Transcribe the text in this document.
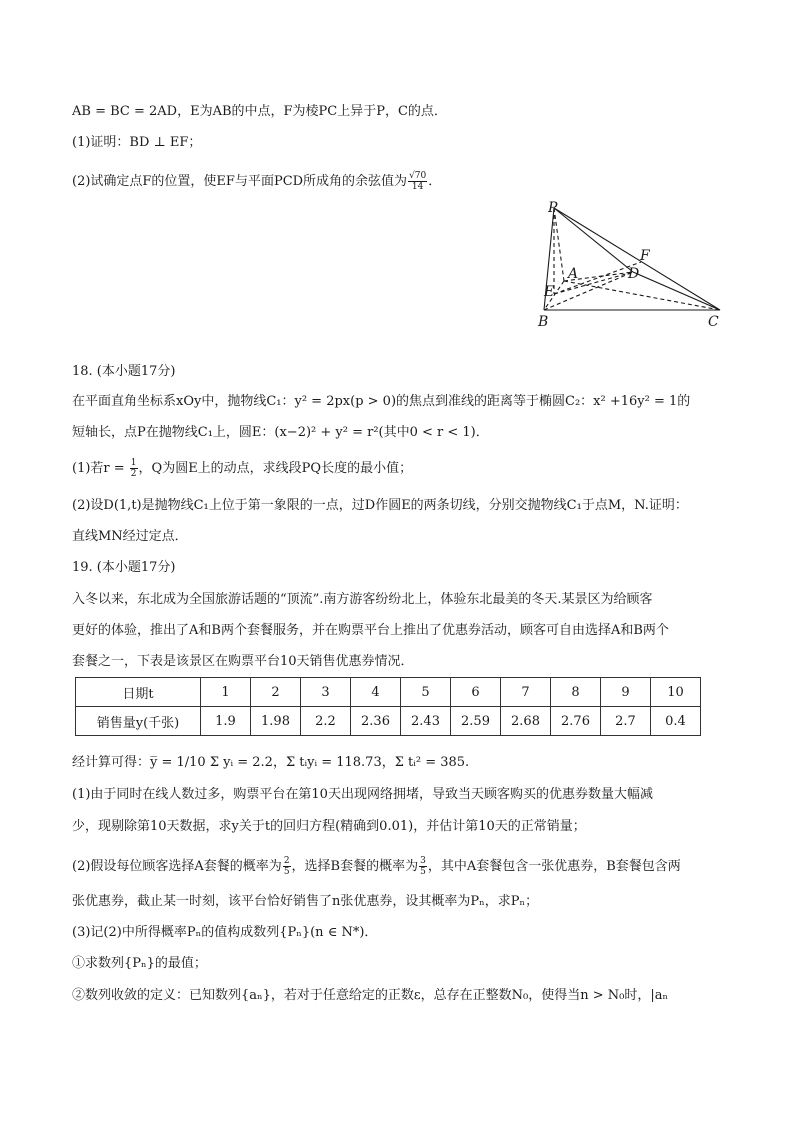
AB = BC = 2AD，E为AB的中点，F为棱PC上异于P，C的点．
(1)证明：BD ⊥ EF；
(2)试确定点F的位置，使EF与平面PCD所成角的余弦值为 $\frac{√70}{14}$ ．
P
A	D
F
E
B	C
18. (本小题17分)
在平面直角坐标系xOy中，抛物线C₁：y² = 2px(p > 0)的焦点到准线的距离等于椭圆C₂：x² +16y² = 1的
短轴长，点P在抛物线C₁上，圆E：(x−2)² + y² = r²(其中0 < r < 1)．
(1)若$r = \frac{1}{2}$ ，Q为圆E上的动点，求线段PQ长度的最小值；
(2)设D(1,t)是抛物线C₁上位于第一象限的一点，过D作圆E的两条切线，分别交抛物线C₁于点M，N.证明：
直线MN经过定点．
19. (本小题17分)
入冬以来，东北成为全国旅游话题的“顶流”.南方游客纷纷北上，体验东北最美的冬天.某景区为给顾客
更好的体验，推出了A和B两个套餐服务，并在购票平台上推出了优惠券活动，顾客可自由选择A和B两个
套餐之一，下表是该景区在购票平台10天销售优惠券情况．
日期t	1	2	3	4	5	6	7	8	9	10
销售量y(千张)	1.9	1.98	2.2	2.36	2.43	2.59	2.68	2.76	2.7	0.4
经计算可得：y̅ = 1/10 Σ yᵢ = 2.2，Σ tᵢyᵢ = 118.73，Σ tᵢ² = 385.
(1)由于同时在线人数过多，购票平台在第10天出现网络拥堵，导致当天顾客购买的优惠券数量大幅减
少，现剔除第10天数据，求y关于t的回归方程(精确到0.01)，并估计第10天的正常销量；
(2)假设每位顾客选择A套餐的概率为 $\frac{2}{5}$ ，选择B套餐的概率为 $\frac{3}{5}$ ，其中A套餐包含一张优惠券，B套餐包含两
张优惠券，截止某一时刻，该平台恰好销售了n张优惠券，设其概率为Pₙ，求Pₙ；
(3)记(2)中所得概率Pₙ的值构成数列{Pₙ}(n ∈ N*)．
①求数列{Pₙ}的最值；
②数列收敛的定义：已知数列{aₙ}，若对于任意给定的正数ε，总存在正整数N₀，使得当n > N₀时，|aₙ
